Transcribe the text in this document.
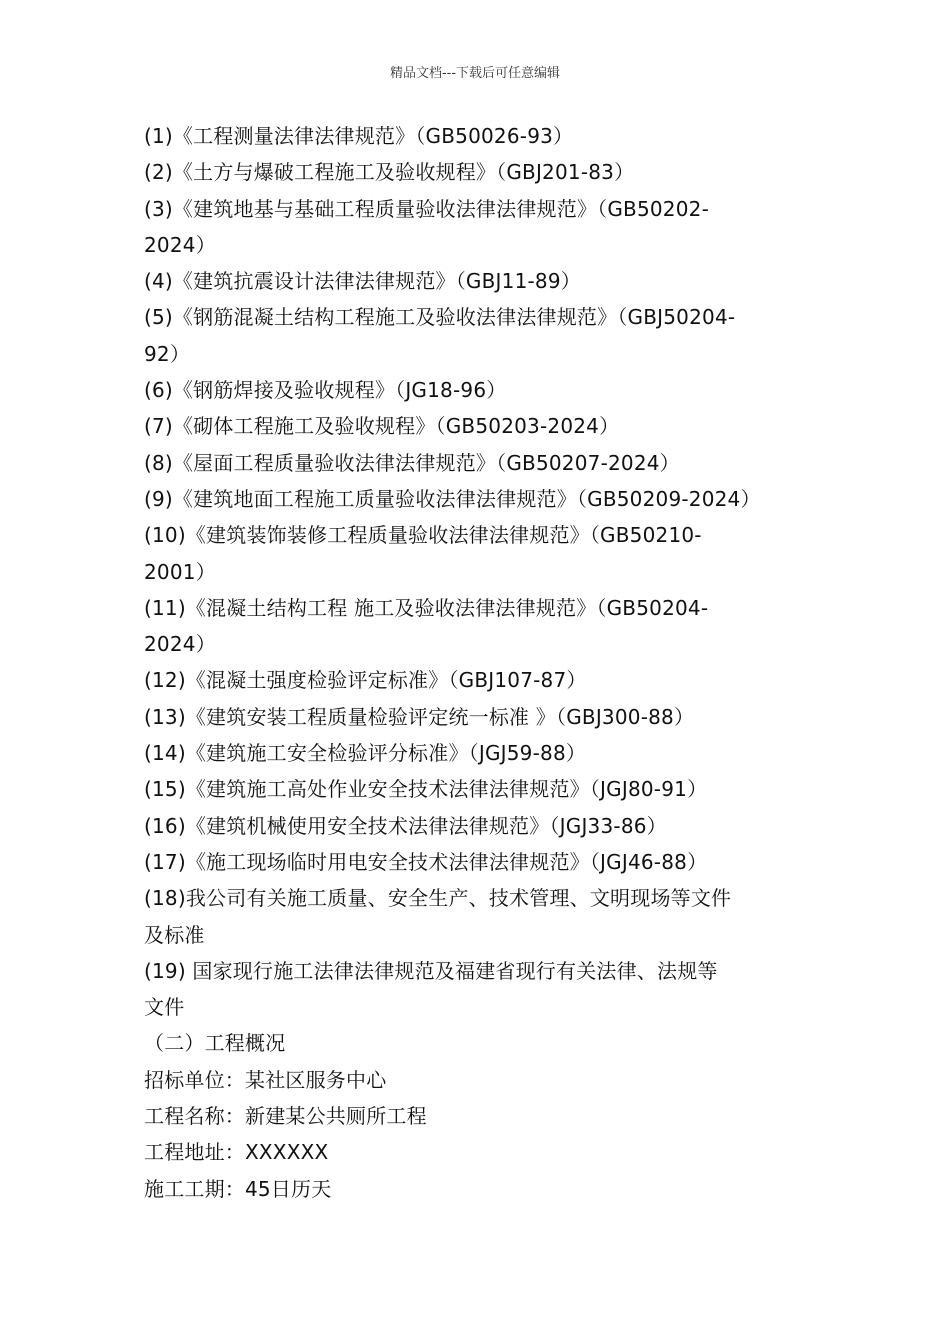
精品文档---下载后可任意编辑
(1)《工程测量法律法律规范》（GB50026-93）
(2)《土方与爆破工程施工及验收规程》（GBJ201-83）
(3)《建筑地基与基础工程质量验收法律法律规范》（GB50202-
2024）
(4)《建筑抗震设计法律法律规范》（GBJ11-89）
(5)《钢筋混凝土结构工程施工及验收法律法律规范》（GBJ50204-
92）
(6)《钢筋焊接及验收规程》（JG18-96）
(7)《砌体工程施工及验收规程》（GB50203-2024）
(8)《屋面工程质量验收法律法律规范》（GB50207-2024）
(9)《建筑地面工程施工质量验收法律法律规范》（GB50209-2024）
(10)《建筑装饰装修工程质量验收法律法律规范》（GB50210-
2001）
(11)《混凝土结构工程 施工及验收法律法律规范》（GB50204-
2024）
(12)《混凝土强度检验评定标准》（GBJ107-87）
(13)《建筑安装工程质量检验评定统一标准 》（GBJ300-88）
(14)《建筑施工安全检验评分标准》（JGJ59-88）
(15)《建筑施工高处作业安全技术法律法律规范》（JGJ80-91）
(16)《建筑机械使用安全技术法律法律规范》（JGJ33-86）
(17)《施工现场临时用电安全技术法律法律规范》（JGJ46-88）
(18)我公司有关施工质量、安全生产、技术管理、文明现场等文件
及标准
(19) 国家现行施工法律法律规范及福建省现行有关法律、法规等
文件
（二）工程概况
招标单位：某社区服务中心
工程名称：新建某公共厕所工程
工程地址：XXXXXX
施工工期：45日历天
